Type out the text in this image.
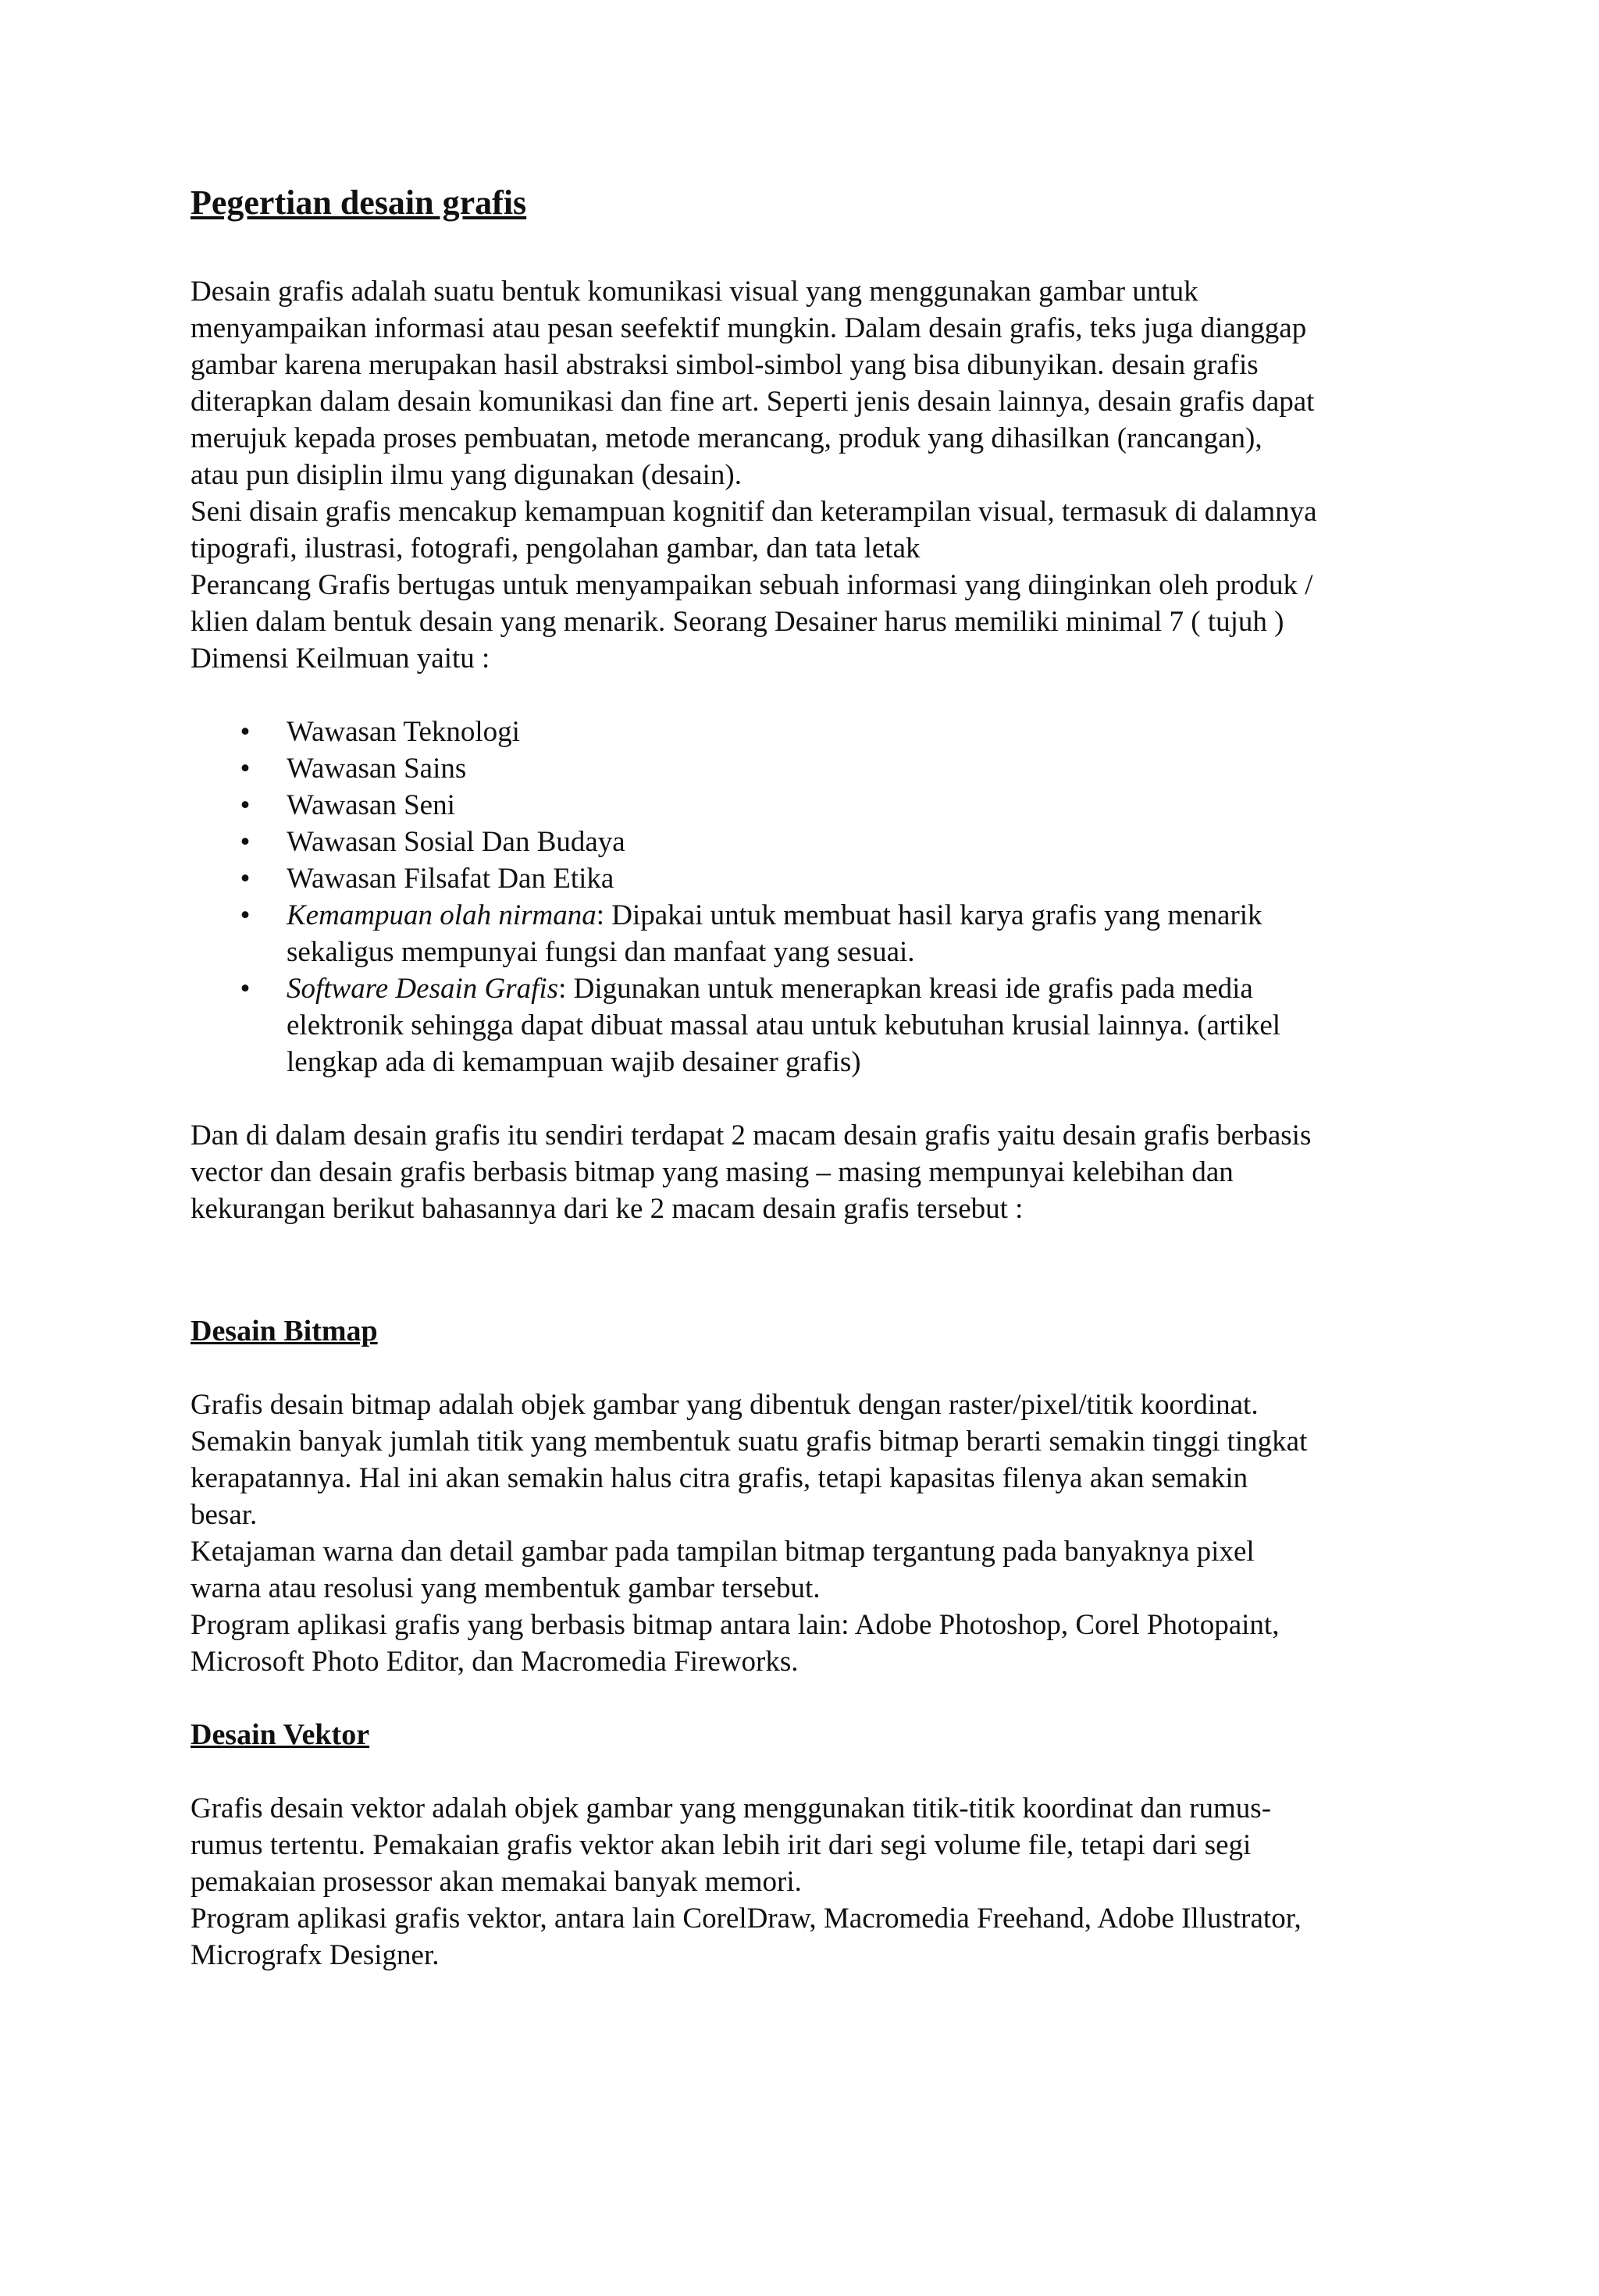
Pegertian desain grafis
Desain grafis adalah suatu bentuk komunikasi visual yang menggunakan gambar untuk
menyampaikan informasi atau pesan seefektif mungkin. Dalam desain grafis, teks juga dianggap
gambar karena merupakan hasil abstraksi simbol-simbol yang bisa dibunyikan. desain grafis
diterapkan dalam desain komunikasi dan fine art. Seperti jenis desain lainnya, desain grafis dapat
merujuk kepada proses pembuatan, metode merancang, produk yang dihasilkan (rancangan),
atau pun disiplin ilmu yang digunakan (desain).
Seni disain grafis mencakup kemampuan kognitif dan keterampilan visual, termasuk di dalamnya
tipografi, ilustrasi, fotografi, pengolahan gambar, dan tata letak
Perancang Grafis bertugas untuk menyampaikan sebuah informasi yang diinginkan oleh produk /
klien dalam bentuk desain yang menarik. Seorang Desainer harus memiliki minimal 7 ( tujuh )
Dimensi Keilmuan yaitu :
• Wawasan Teknologi
• Wawasan Sains
• Wawasan Seni
• Wawasan Sosial Dan Budaya
• Wawasan Filsafat Dan Etika
• Kemampuan olah nirmana: Dipakai untuk membuat hasil karya grafis yang menarik
sekaligus mempunyai fungsi dan manfaat yang sesuai.
• Software Desain Grafis: Digunakan untuk menerapkan kreasi ide grafis pada media
elektronik sehingga dapat dibuat massal atau untuk kebutuhan krusial lainnya. (artikel
lengkap ada di kemampuan wajib desainer grafis)
Dan di dalam desain grafis itu sendiri terdapat 2 macam desain grafis yaitu desain grafis berbasis
vector dan desain grafis berbasis bitmap yang masing – masing mempunyai kelebihan dan
kekurangan berikut bahasannya dari ke 2 macam desain grafis tersebut :
Desain Bitmap
Grafis desain bitmap adalah objek gambar yang dibentuk dengan raster/pixel/titik koordinat.
Semakin banyak jumlah titik yang membentuk suatu grafis bitmap berarti semakin tinggi tingkat
kerapatannya. Hal ini akan semakin halus citra grafis, tetapi kapasitas filenya akan semakin
besar.
Ketajaman warna dan detail gambar pada tampilan bitmap tergantung pada banyaknya pixel
warna atau resolusi yang membentuk gambar tersebut.
Program aplikasi grafis yang berbasis bitmap antara lain: Adobe Photoshop, Corel Photopaint,
Microsoft Photo Editor, dan Macromedia Fireworks.
Desain Vektor
Grafis desain vektor adalah objek gambar yang menggunakan titik-titik koordinat dan rumus-
rumus tertentu. Pemakaian grafis vektor akan lebih irit dari segi volume file, tetapi dari segi
pemakaian prosessor akan memakai banyak memori.
Program aplikasi grafis vektor, antara lain CorelDraw, Macromedia Freehand, Adobe Illustrator,
Micrografx Designer.
